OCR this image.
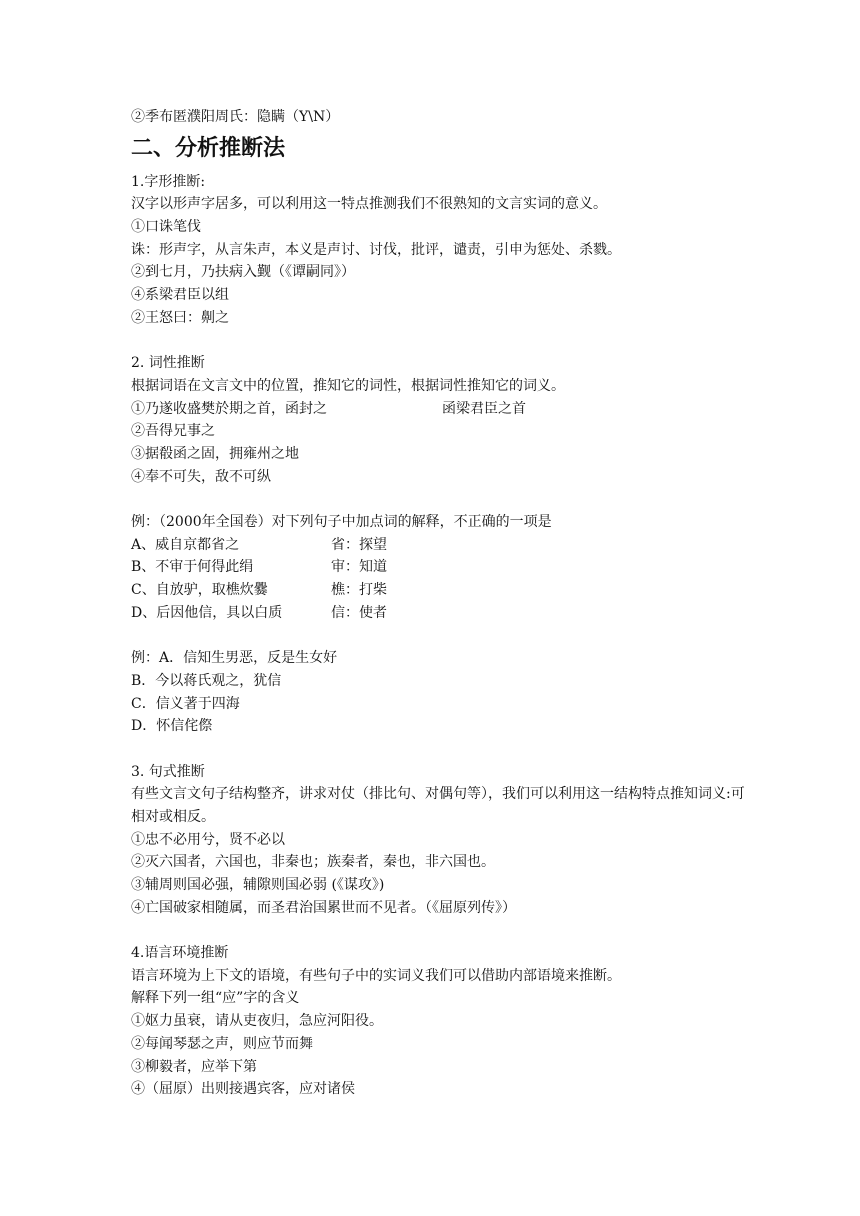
②季布匿濮阳周氏：隐瞒（Y\N）
二、分析推断法
1.字形推断:
汉字以形声字居多，可以利用这一特点推测我们不很熟知的文言实词的意义。
①口诛笔伐
诛：形声字，从言朱声，本义是声讨、讨伐，批评，谴责，引申为惩处、杀戮。
②到七月，乃扶病入觐（《谭嗣同》）
④系梁君臣以组
②王怒曰：劓之
2. 词性推断
根据词语在文言文中的位置，推知它的词性，根据词性推知它的词义。
①乃遂收盛樊於期之首，函封之	函梁君臣之首
②吾得兄事之
③据殽函之固，拥雍州之地
④奉不可失，敌不可纵
例：（2000年全国卷）对下列句子中加点词的解释，不正确的一项是
A、威自京都省之	省：探望
B、不审于何得此绢	审：知道
C、自放驴，取樵炊爨	樵：打柴
D、后因他信，具以白质	信：使者
例：A．信知生男恶，反是生女好
B．今以蒋氏观之，犹信
C．信义著于四海
D．怀信侘傺
3. 句式推断
有些文言文句子结构整齐，讲求对仗（排比句、对偶句等），我们可以利用这一结构特点推知词义:可相对或相反。
①忠不必用兮，贤不必以
②灭六国者，六国也，非秦也；族秦者，秦也，非六国也。
③辅周则国必强，辅隙则国必弱 (《谋攻》)
④亡国破家相随属，而圣君治国累世而不见者。（《屈原列传》）
4.语言环境推断
语言环境为上下文的语境，有些句子中的实词义我们可以借助内部语境来推断。
解释下列一组“应”字的含义
①妪力虽衰，请从吏夜归，急应河阳役。
②每闻琴瑟之声，则应节而舞
③柳毅者，应举下第
④（屈原）出则接遇宾客，应对诸侯
